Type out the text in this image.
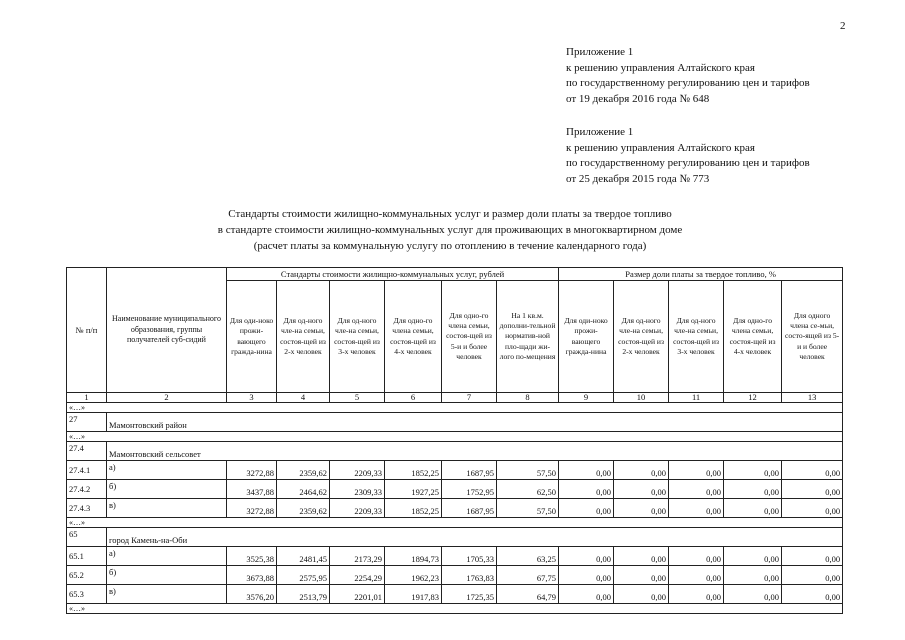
2
Приложение 1
к решению управления Алтайского края
по государственному регулированию цен и тарифов
от 19 декабря 2016 года № 648
Приложение 1
к решению управления Алтайского края
по государственному регулированию цен и тарифов
от 25 декабря 2015 года № 773
Стандарты стоимости жилищно-коммунальных услуг и размер доли платы за твердое топливо
в стандарте стоимости жилищно-коммунальных услуг для проживающих в многоквартирном доме
(расчет платы за коммунальную услугу по отоплению в течение календарного года)
№ п/п	Наименование муниципального образования, группы получателей суб-сидий	Стандарты стоимости жилищно-коммунальных услуг, рублей						Размер доли платы за твердое топливо, %				
		Для оди-ноко прожи-вающего гражда-нина	Для од-ного чле-на семьи, состоя-щей из 2-х человек	Для од-ного чле-на семьи, состоя-щей из 3-х человек	Для одно-го члена семьи, состоя-щей из 4-х человек	Для одно-го члена семьи, состоя-щей из 5-и и более человек	На 1 кв.м. дополни-тельной норматив-ной пло-щади жи-лого по-мещения	Для оди-ноко прожи-вающего гражда-нина	Для од-ного чле-на семьи, состоя-щей из 2-х человек	Для од-ного чле-на семьи, состоя-щей из 3-х человек	Для одно-го члена семьи, состоя-щей из 4-х человек	Для одного члена се-мьи, состо-ящей из 5-и и более человек
1	2	3	4	5	6	7	8	9	10	11	12	13
«…»												
27	Мамонтовский район											
«…»												
27.4	Мамонтовский сельсовет											
27.4.1	а)	3272,88	2359,62	2209,33	1852,25	1687,95	57,50	0,00	0,00	0,00	0,00	0,00
27.4.2	б)	3437,88	2464,62	2309,33	1927,25	1752,95	62,50	0,00	0,00	0,00	0,00	0,00
27.4.3	в)	3272,88	2359,62	2209,33	1852,25	1687,95	57,50	0,00	0,00	0,00	0,00	0,00
«…»												
65	город Камень-на-Оби											
65.1	а)	3525,38	2481,45	2173,29	1894,73	1705,33	63,25	0,00	0,00	0,00	0,00	0,00
65.2	б)	3673,88	2575,95	2254,29	1962,23	1763,83	67,75	0,00	0,00	0,00	0,00	0,00
65.3	в)	3576,20	2513,79	2201,01	1917,83	1725,35	64,79	0,00	0,00	0,00	0,00	0,00
«…»												
